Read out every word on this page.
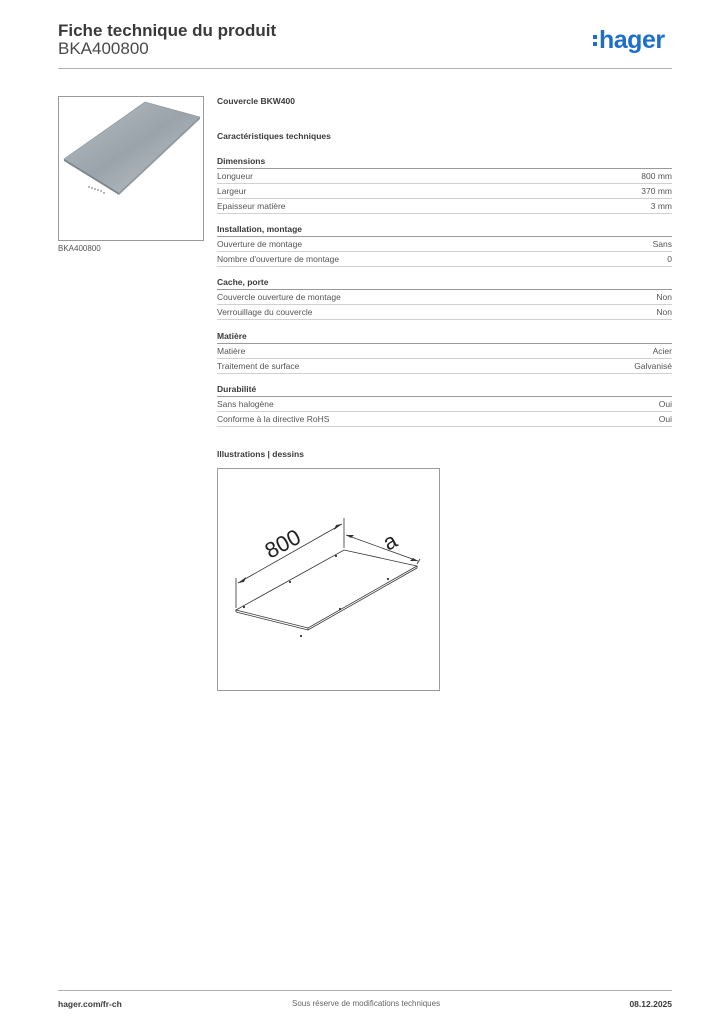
Fiche technique du produit
BKA400800	hager
BKA400800
Couvercle BKW400
Caractéristiques techniques
Dimensions
Longueur	800 mm
Largeur	370 mm
Epaisseur matière	3 mm
Installation, montage
Ouverture de montage	Sans
Nombre d'ouverture de montage	0
Cache, porte
Couvercle ouverture de montage	Non
Verrouillage du couvercle	Non
Matière
Matière	Acier
Traitement de surface	Galvanisé
Durabilité
Sans halogène	Oui
Conforme à la directive RoHS	Oui
Illustrations | dessins
800	a
hager.com/fr-ch	Sous réserve de modifications techniques	08.12.2025
